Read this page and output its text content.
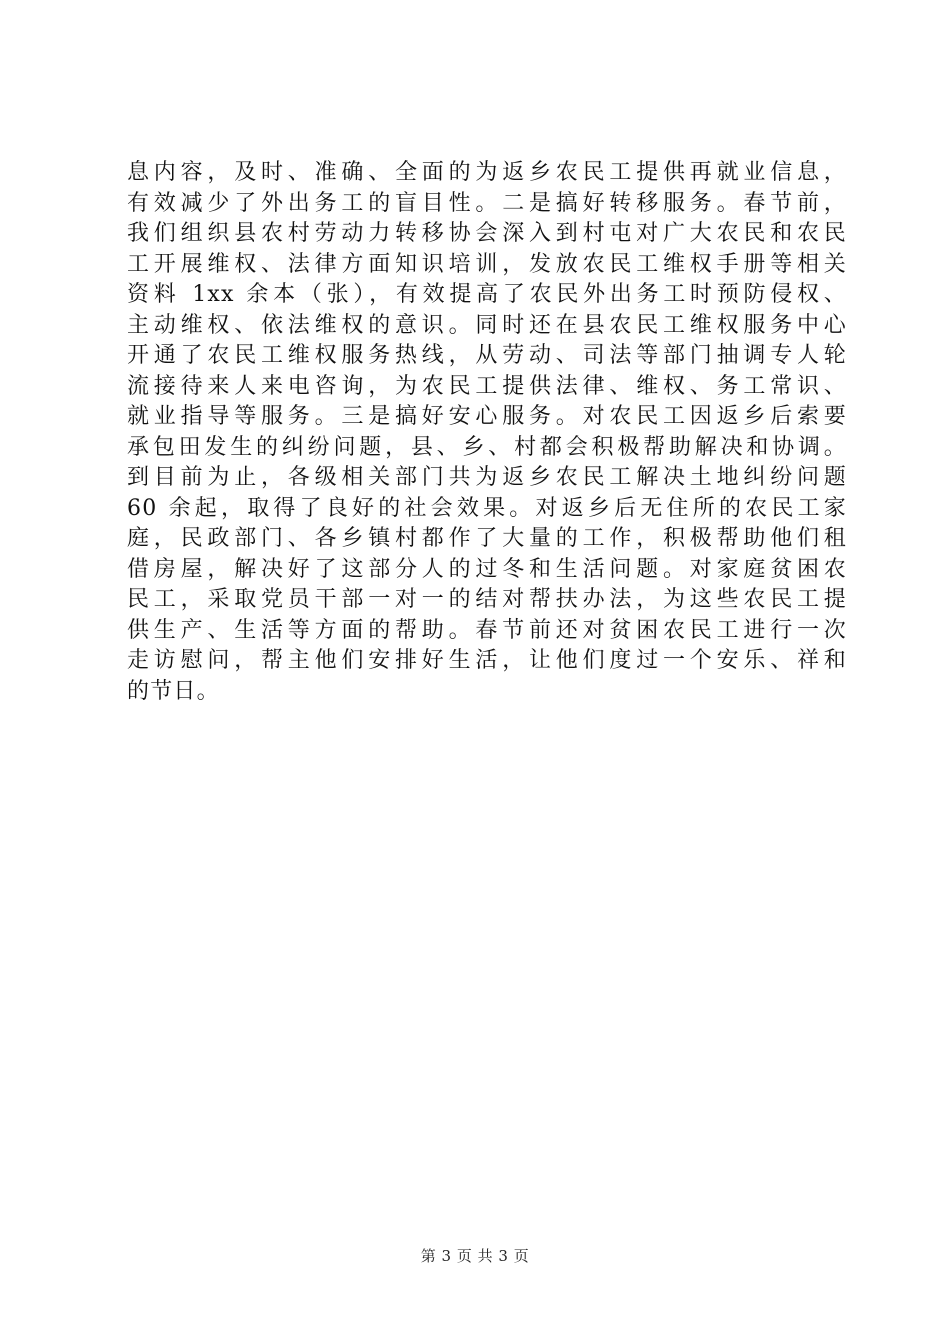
息内容，及时、准确、全面的为返乡农民工提供再就业信息，
有效减少了外出务工的盲目性。二是搞好转移服务。春节前，
我们组织县农村劳动力转移协会深入到村屯对广大农民和农民
工开展维权、法律方面知识培训，发放农民工维权手册等相关
资料 1xx 余本（张），有效提高了农民外出务工时预防侵权、
主动维权、依法维权的意识。同时还在县农民工维权服务中心
开通了农民工维权服务热线，从劳动、司法等部门抽调专人轮
流接待来人来电咨询，为农民工提供法律、维权、务工常识、
就业指导等服务。三是搞好安心服务。对农民工因返乡后索要
承包田发生的纠纷问题，县、乡、村都会积极帮助解决和协调。
到目前为止，各级相关部门共为返乡农民工解决土地纠纷问题
60 余起，取得了良好的社会效果。对返乡后无住所的农民工家
庭，民政部门、各乡镇村都作了大量的工作，积极帮助他们租
借房屋，解决好了这部分人的过冬和生活问题。对家庭贫困农
民工，采取党员干部一对一的结对帮扶办法，为这些农民工提
供生产、生活等方面的帮助。春节前还对贫困农民工进行一次
走访慰问，帮主他们安排好生活，让他们度过一个安乐、祥和
的节日。
第 3 页 共 3 页
